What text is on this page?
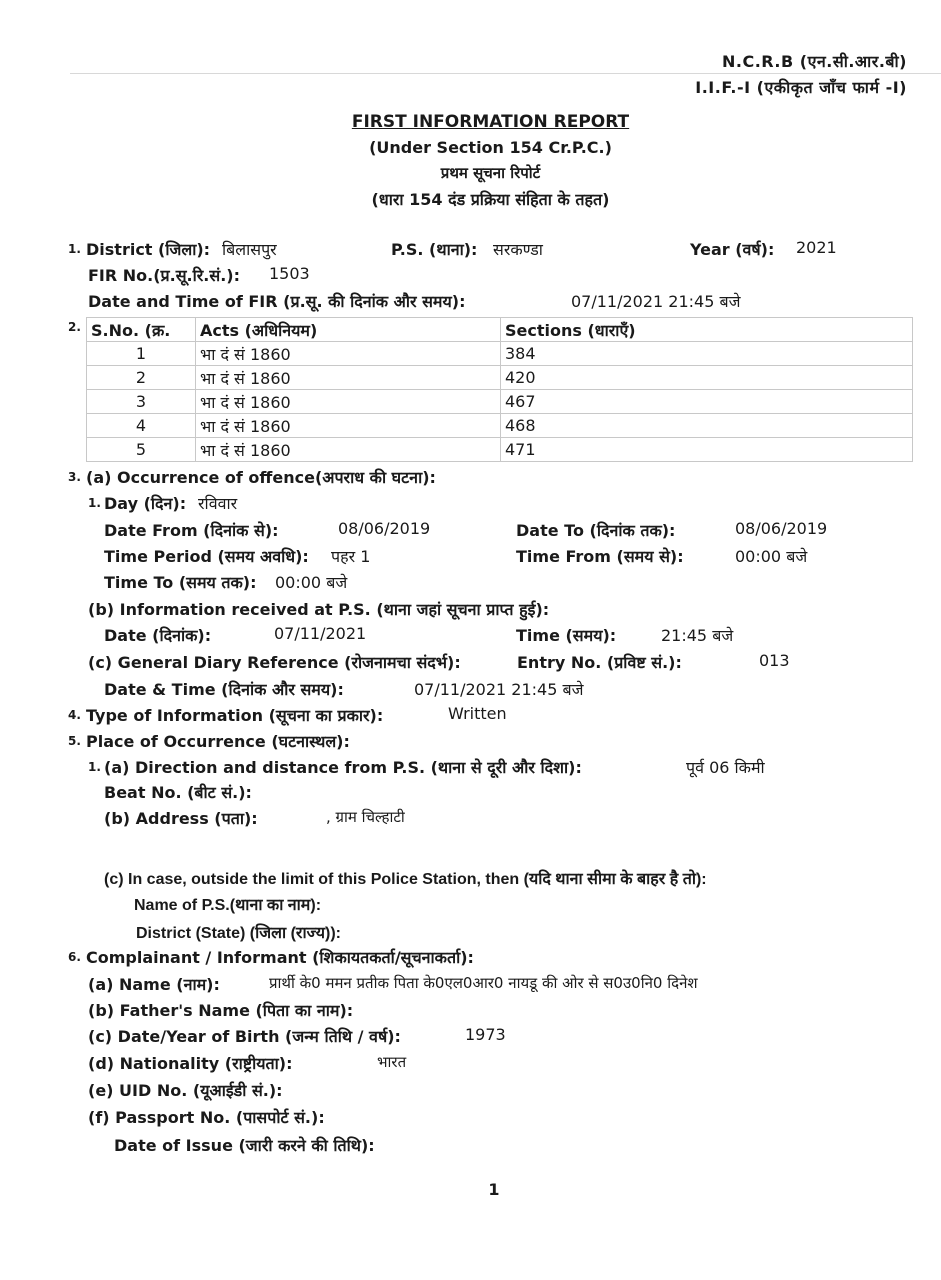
N.C.R.B (एन.सी.आर.बी)
I.I.F.-I (एकीकृत जाँच फार्म -I)
FIRST INFORMATION REPORT
(Under Section 154 Cr.P.C.)
प्रथम सूचना रिपोर्ट
(धारा 154 दंड प्रक्रिया संहिता के तहत)
1. District (जिला): बिलासपुर	P.S. (थाना): सरकण्डा	Year (वर्ष): 2021
FIR No.(प्र.सू.रि.सं.): 1503
Date and Time of FIR (प्र.सू. की दिनांक और समय):	07/11/2021 21:45 बजे
2. S.No. (क्र.	Acts (अधिनियम)	Sections (धाराएँ)
1	भा दं सं 1860	384
2	भा दं सं 1860	420
3	भा दं सं 1860	467
4	भा दं सं 1860	468
5	भा दं सं 1860	471
3. (a) Occurrence of offence(अपराध की घटना):
1. Day (दिन): रविवार
Date From (दिनांक से):	08/06/2019	Date To (दिनांक तक):	08/06/2019
Time Period (समय अवधि): पहर 1	Time From (समय से):	00:00 बजे
Time To (समय तक): 00:00 बजे
(b) Information received at P.S. (थाना जहां सूचना प्राप्त हुई):
Date (दिनांक):	07/11/2021	Time (समय):	21:45 बजे
(c) General Diary Reference (रोजनामचा संदर्भ):	Entry No. (प्रविष्ट सं.):	013
Date & Time (दिनांक और समय):	07/11/2021 21:45 बजे
4. Type of Information (सूचना का प्रकार):	Written
5. Place of Occurrence (घटनास्थल):
1. (a) Direction and distance from P.S. (थाना से दूरी और दिशा):	पूर्व 06 किमी
Beat No. (बीट सं.):
(b) Address (पता):	, ग्राम चिल्हाटी
(c) In case, outside the limit of this Police Station, then (यदि थाना सीमा के बाहर है तो):
Name of P.S.(थाना का नाम):
District (State) (जिला (राज्य)):
6. Complainant / Informant (शिकायतकर्ता/सूचनाकर्ता):
(a) Name (नाम):	प्रार्थी के0 ममन प्रतीक पिता के0एल0आर0 नायडू की ओर से स0उ0नि0 दिनेश
(b) Father's Name (पिता का नाम):
(c) Date/Year of Birth (जन्म तिथि / वर्ष):	1973
(d) Nationality (राष्ट्रीयता):	भारत
(e) UID No. (यूआईडी सं.):
(f) Passport No. (पासपोर्ट सं.):
Date of Issue (जारी करने की तिथि):
1
